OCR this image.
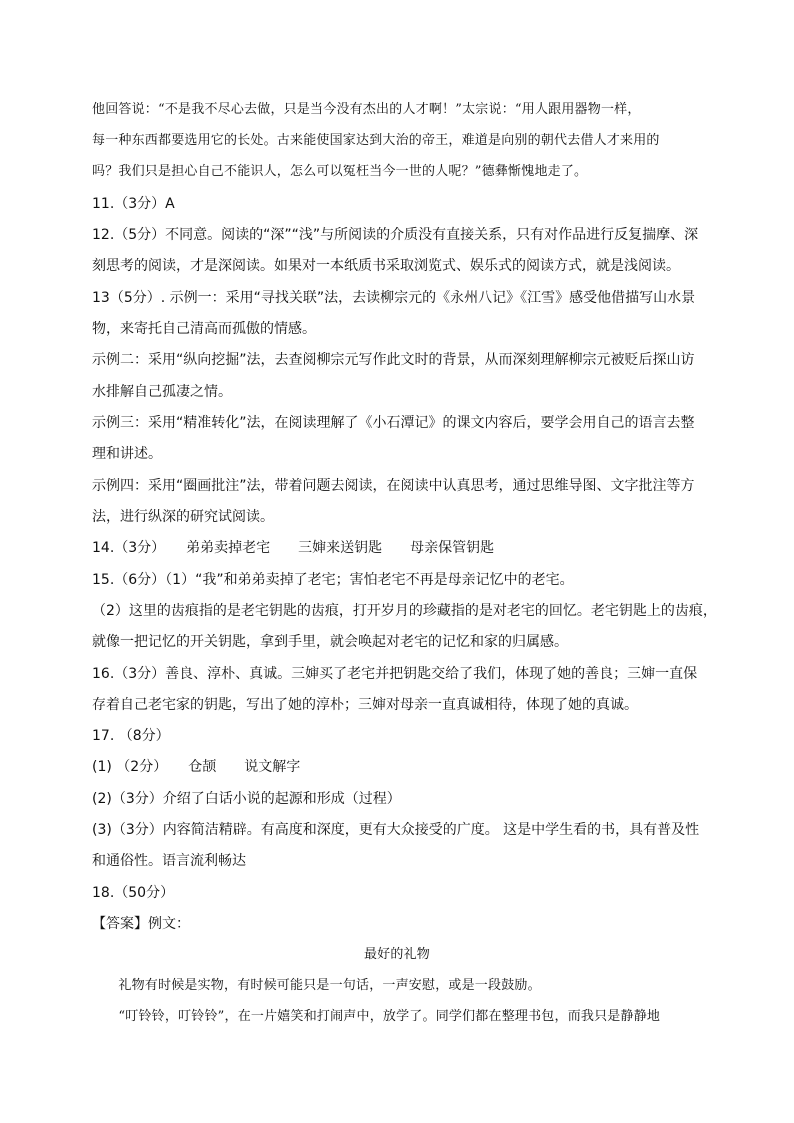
他回答说：“不是我不尽心去做，只是当今没有杰出的人才啊！”太宗说：“用人跟用器物一样，
每一种东西都要选用它的长处。古来能使国家达到大治的帝王，难道是向别的朝代去借人才来用的
吗？我们只是担心自己不能识人，怎么可以冤枉当今一世的人呢？”德彝惭愧地走了。
11.（3分）A
12.（5分）不同意。阅读的“深”“浅”与所阅读的介质没有直接关系，只有对作品进行反复揣摩、深
刻思考的阅读，才是深阅读。如果对一本纸质书采取浏览式、娱乐式的阅读方式，就是浅阅读。
13（5分）. 示例一：采用“寻找关联”法，去读柳宗元的《永州八记》《江雪》感受他借描写山水景
物，来寄托自己清高而孤傲的情感。
示例二：采用“纵向挖掘”法，去查阅柳宗元写作此文时的背景，从而深刻理解柳宗元被贬后探山访
水排解自己孤凄之情。
示例三：采用“精准转化”法，在阅读理解了《小石潭记》的课文内容后，要学会用自己的语言去整
理和讲述。
示例四：采用“圈画批注”法，带着问题去阅读，在阅读中认真思考，通过思维导图、文字批注等方
法，进行纵深的研究试阅读。
14.（3分）　　弟弟卖掉老宅　　三婶来送钥匙　　母亲保管钥匙
15.（6分）（1）“我”和弟弟卖掉了老宅；害怕老宅不再是母亲记忆中的老宅。
（2）这里的齿痕指的是老宅钥匙的齿痕，打开岁月的珍藏指的是对老宅的回忆。老宅钥匙上的齿痕，
就像一把记忆的开关钥匙，拿到手里，就会唤起对老宅的记忆和家的归属感。
16.（3分）善良、淳朴、真诚。三婶买了老宅并把钥匙交给了我们，体现了她的善良；三婶一直保
存着自己老宅家的钥匙，写出了她的淳朴；三婶对母亲一直真诚相待，体现了她的真诚。
17. （8分）
(1) （2分）　　仓颉　　说文解字
(2)（3分）介绍了白话小说的起源和形成（过程）
(3)（3分）内容简洁精辟。有高度和深度，更有大众接受的广度。 这是中学生看的书，具有普及性
和通俗性。语言流利畅达
18.（50分）
【答案】例文：
最好的礼物
　　礼物有时候是实物，有时候可能只是一句话，一声安慰，或是一段鼓励。
　　“叮铃铃，叮铃铃”，在一片嬉笑和打闹声中，放学了。同学们都在整理书包，而我只是静静地
